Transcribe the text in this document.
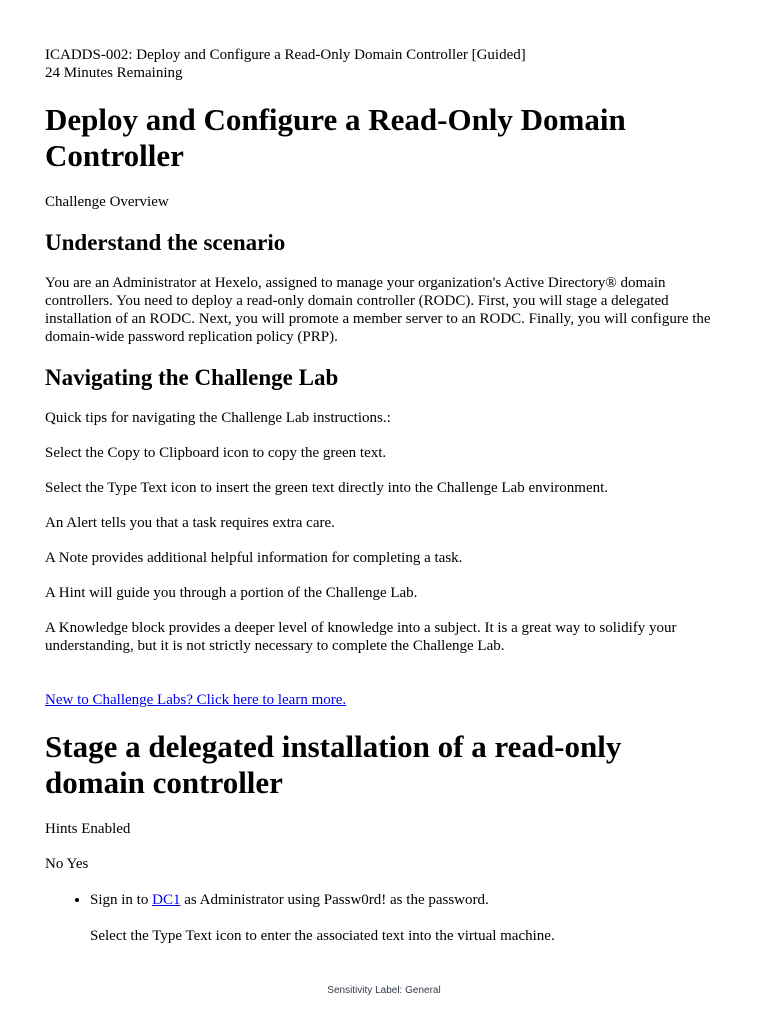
ICADDS-002: Deploy and Configure a Read-Only Domain Controller [Guided]

24 Minutes Remaining

Deploy and Configure a Read-Only Domain Controller

Challenge Overview

Understand the scenario

You are an Administrator at Hexelo, assigned to manage your organization's Active Directory® domain controllers. You need to deploy a read-only domain controller (RODC). First, you will stage a delegated installation of an RODC. Next, you will promote a member server to an RODC. Finally, you will configure the domain-wide password replication policy (PRP).

Navigating the Challenge Lab

Quick tips for navigating the Challenge Lab instructions.:

Select the Copy to Clipboard icon to copy the green text.

Select the Type Text icon to insert the green text directly into the Challenge Lab environment.

An Alert tells you that a task requires extra care.

A Note provides additional helpful information for completing a task.

A Hint will guide you through a portion of the Challenge Lab.

A Knowledge block provides a deeper level of knowledge into a subject. It is a great way to solidify your understanding, but it is not strictly necessary to complete the Challenge Lab.

New to Challenge Labs? Click here to learn more.

Stage a delegated installation of a read-only domain controller

Hints Enabled

No Yes

• Sign in to DC1 as Administrator using Passw0rd! as the password.

Select the Type Text icon to enter the associated text into the virtual machine.

Sensitivity Label: General
